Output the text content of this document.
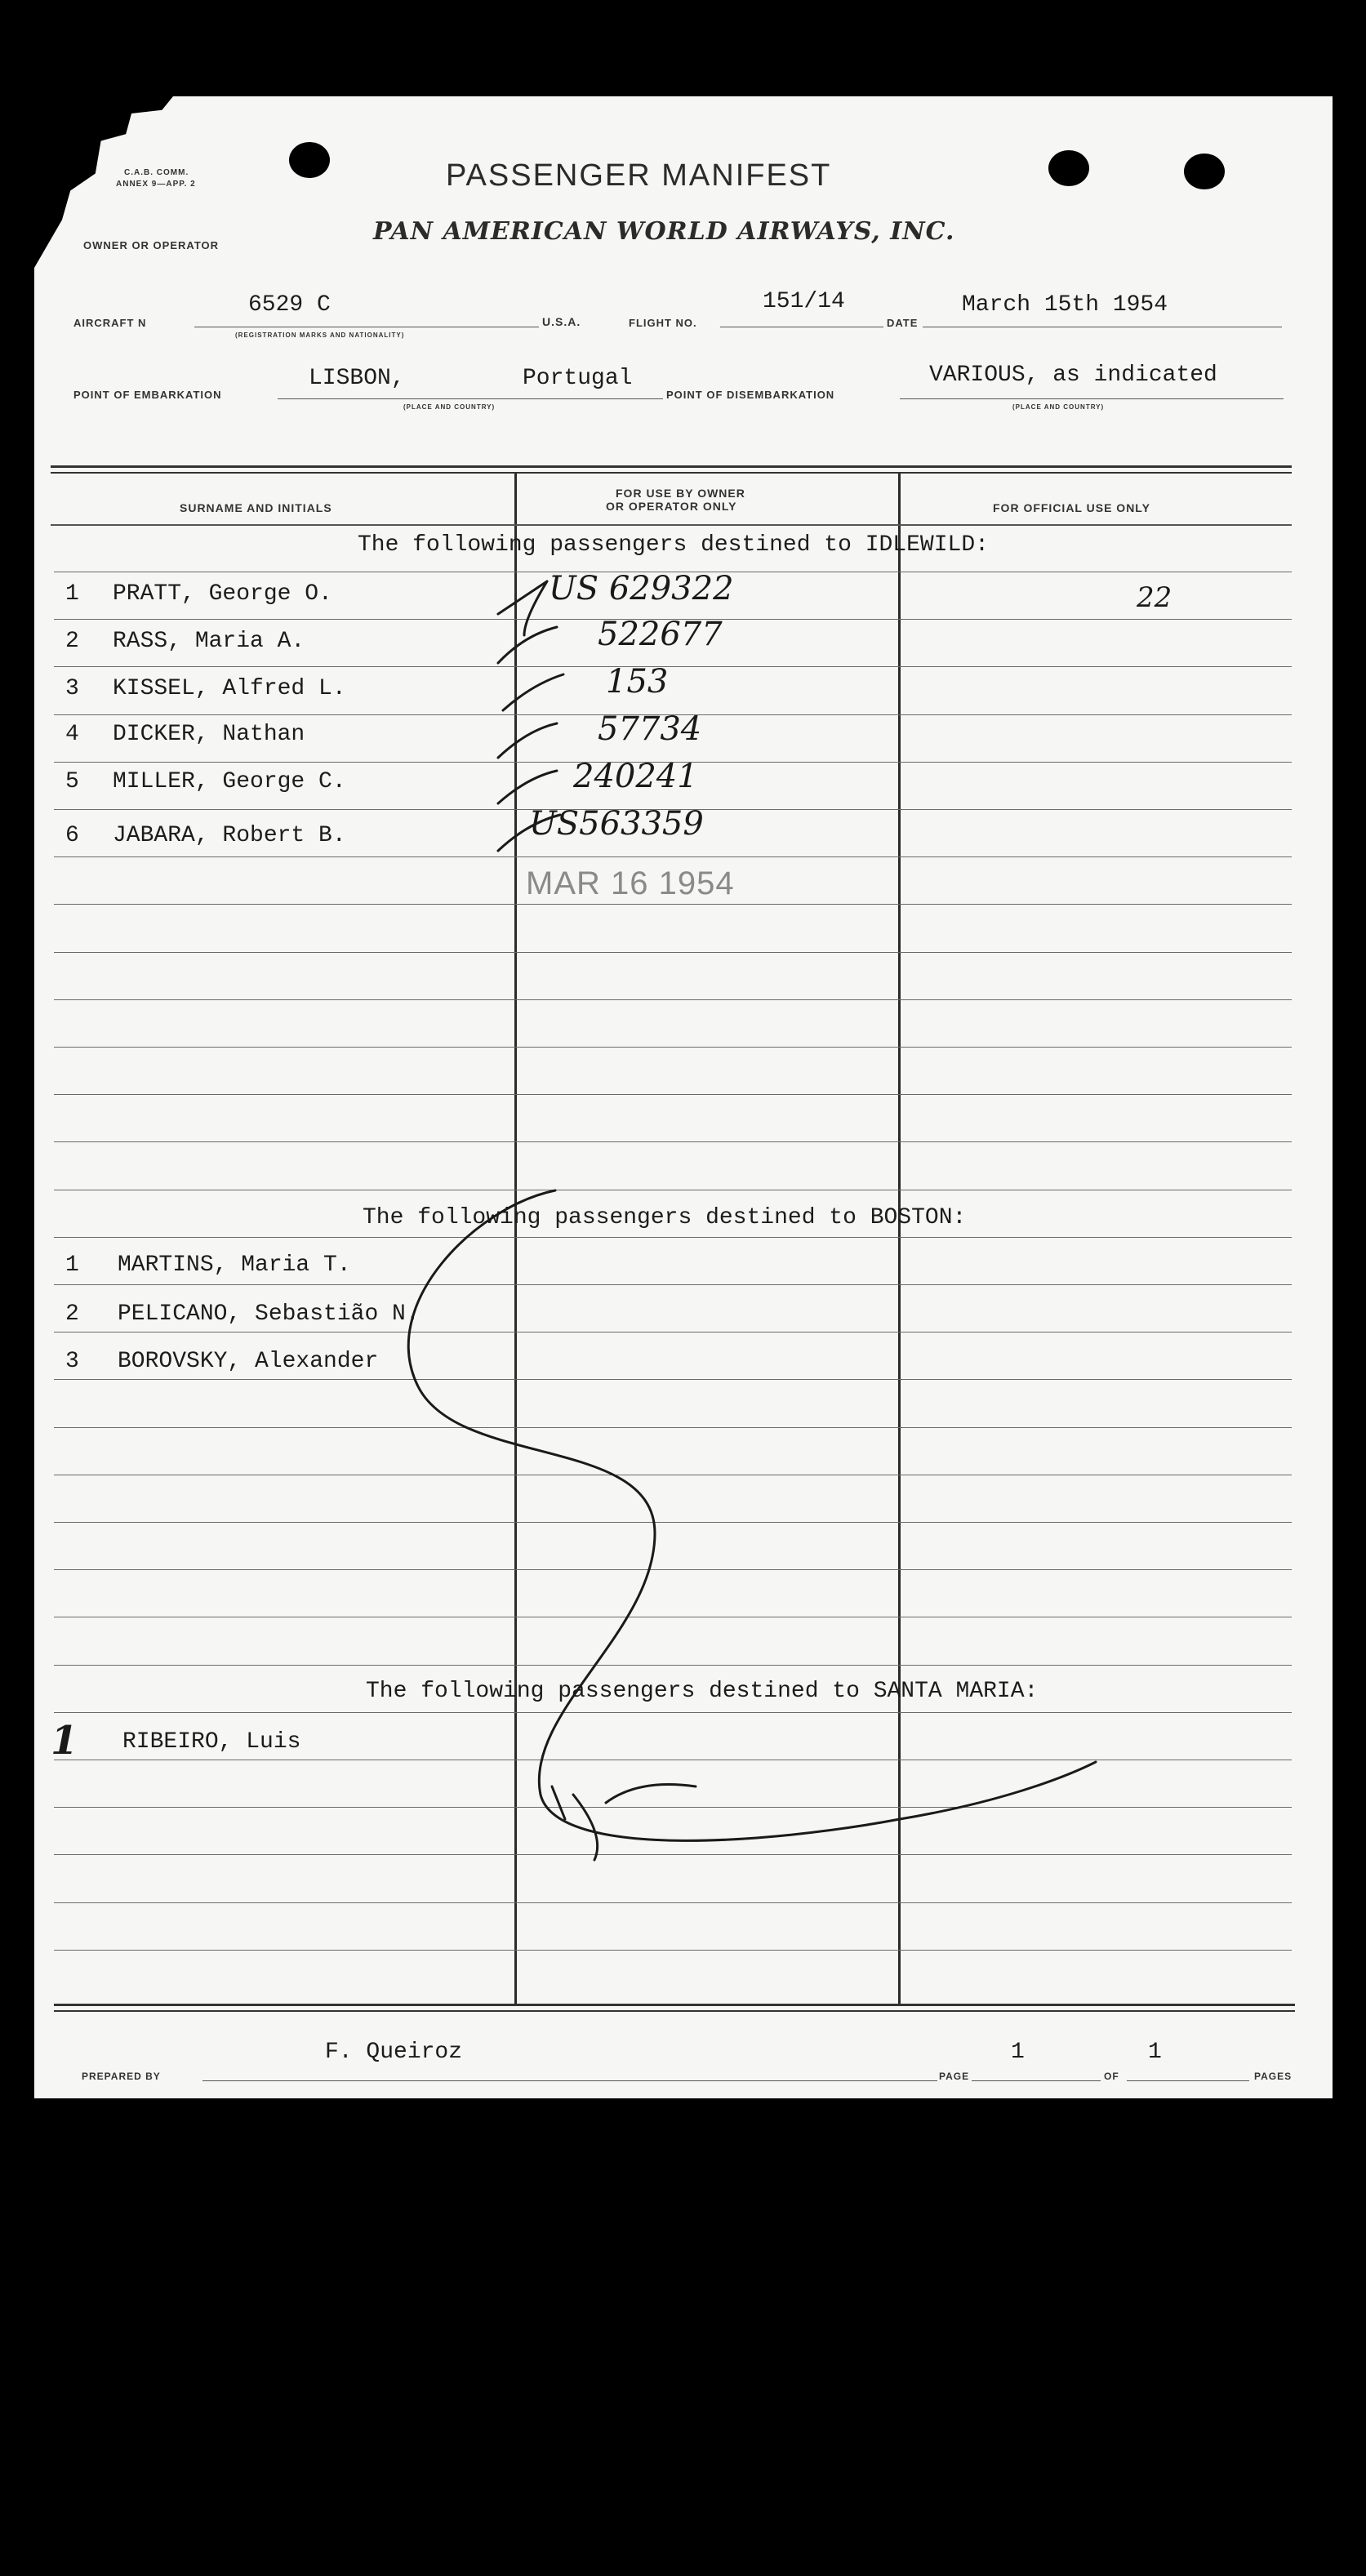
C.A.B. COMM.
ANNEX 9—APP. 2
OWNER OR OPERATOR
PASSENGER MANIFEST
PAN AMERICAN WORLD AIRWAYS, INC.
AIRCRAFT N
6529 C
(REGISTRATION MARKS AND NATIONALITY)
U.S.A.	FLIGHT NO.
151/14
DATE
March 15th 1954
POINT OF EMBARKATION
LISBON,	Portugal
(PLACE AND COUNTRY)
POINT OF DISEMBARKATION
VARIOUS, as indicated
(PLACE AND COUNTRY)
SURNAME AND INITIALS
FOR USE BY OWNER
OR OPERATOR ONLY	FOR OFFICIAL USE ONLY
The following passengers destined to IDLEWILD:
1 PRATT, George O.	US 629322	22
2 RASS, Maria A.	522677
3 KISSEL, Alfred L.	153
4 DICKER, Nathan	57734
5 MILLER, George C.	240241
6 JABARA, Robert B.	US563359
MAR 16 1954
The following passengers destined to BOSTON:
1 MARTINS, Maria T.
2 PELICANO, Sebastião N.
3 BOROVSKY, Alexander
The following passengers destined to SANTA MARIA:
1 RIBEIRO, Luis
PREPARED BY
F. Queiroz
PAGE
1
OF
1
PAGES
